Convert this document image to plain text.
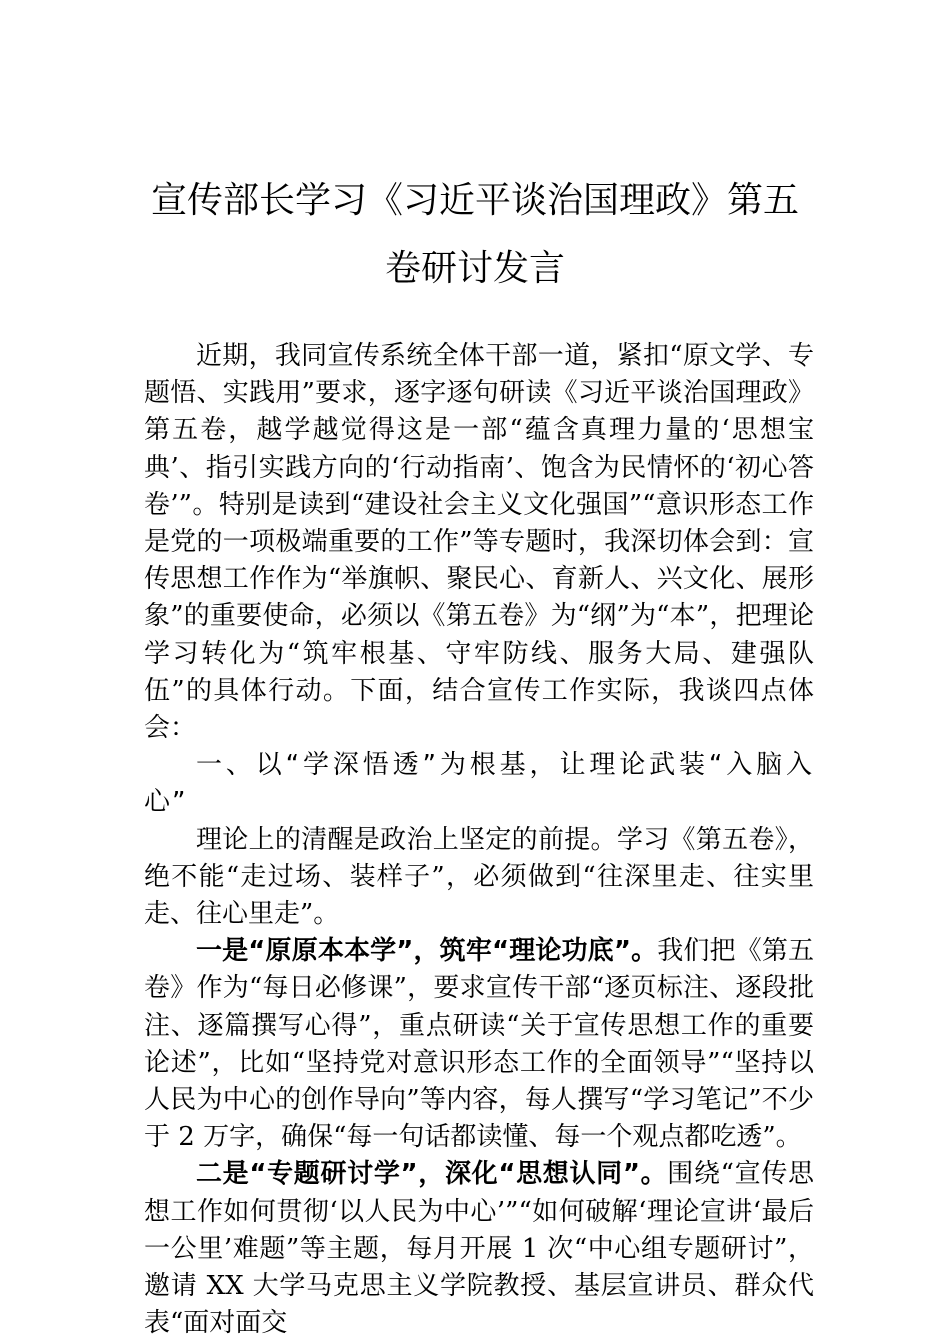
宣传部长学习《习近平谈治国理政》第五
卷研讨发言

近期，我同宣传系统全体干部一道，紧扣“原文学、专题悟、实践用”要求，逐字逐句研读《习近平谈治国理政》第五卷，越学越觉得这是一部“蕴含真理力量的‘思想宝典’、指引实践方向的‘行动指南’、饱含为民情怀的‘初心答卷’”。特别是读到“建设社会主义文化强国”“意识形态工作是党的一项极端重要的工作”等专题时，我深切体会到：宣传思想工作作为“举旗帜、聚民心、育新人、兴文化、展形象”的重要使命，必须以《第五卷》为“纲”为“本”，把理论学习转化为“筑牢根基、守牢防线、服务大局、建强队伍”的具体行动。下面，结合宣传工作实际，我谈四点体会：

一、以“学深悟透”为根基，让理论武装“入脑入心”

理论上的清醒是政治上坚定的前提。学习《第五卷》，绝不能“走过场、装样子”，必须做到“往深里走、往实里走、往心里走”。

一是“原原本本学”，筑牢“理论功底”。我们把《第五卷》作为“每日必修课”，要求宣传干部“逐页标注、逐段批注、逐篇撰写心得”，重点研读“关于宣传思想工作的重要论述”，比如“坚持党对意识形态工作的全面领导”“坚持以人民为中心的创作导向”等内容，每人撰写“学习笔记”不少于 2 万字，确保“每一句话都读懂、每一个观点都吃透”。

二是“专题研讨学”，深化“思想认同”。围绕“宣传思想工作如何贯彻‘以人民为中心’”“如何破解‘理论宣讲‘最后一公里’难题”等主题，每月开展 1 次“中心组专题研讨”，邀请 XX 大学马克思主义学院教授、基层宣讲员、群众代表“面对面交
